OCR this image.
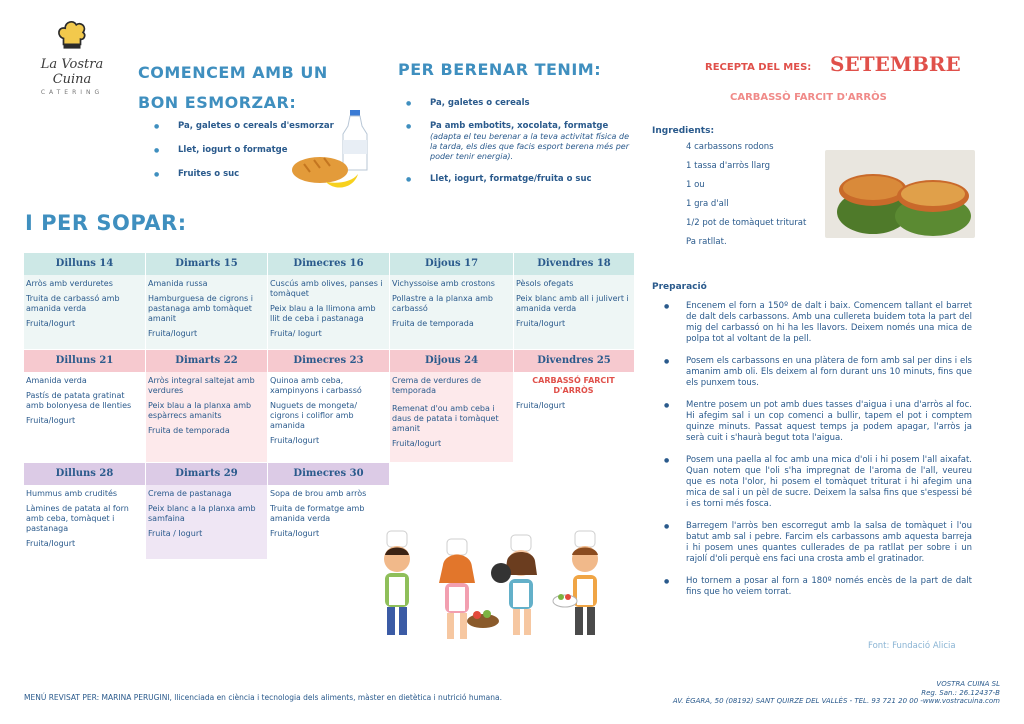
La Vostra Cuina
CATERING
COMENCEM AMB UN BON ESMORZAR:
● Pa, galetes o cereals d'esmorzar
● Llet, iogurt o formatge
● Fruites o suc
PER BERENAR TENIM:
● Pa, galetes o cereals
● Pa amb embotits, xocolata, formatge
(adapta el teu berenar a la teva activitat física de la tarda, els dies que facis esport berena més per poder tenir energia).
● Llet, iogurt, formatge/fruita o suc
I PER SOPAR:
Dilluns 14

Arròs amb verduretes

Truita de carbassó amb amanida verda

Fruita/Iogurt

Dimarts 15

Amanida russa

Hamburguesa de cigrons i pastanaga amb tomàquet amanit

Fruita/Iogurt

Dimecres 16

Cuscús amb olives, panses i tomàquet

Peix blau a la llimona amb llit de ceba i pastanaga

Fruita/ Iogurt

Dijous 17

Vichyssoise amb crostons

Pollastre a la planxa amb carbassó

Fruita de temporada

Divendres 18

Pèsols ofegats

Peix blanc amb all i julivert i amanida verda

Fruita/Iogurt

Dilluns 21

Amanida verda

Pastís de patata gratinat amb bolonyesa de llenties

Fruita/Iogurt

Dimarts 22

Arròs integral saltejat amb verdures

Peix blau a la planxa amb espàrrecs amanits

Fruita de temporada

Dimecres 23

Quinoa amb ceba, xampinyons i carbassó

Nuguets de mongeta/ cigrons i coliflor amb amanida

Fruita/Iogurt

Dijous 24

Crema de verdures de temporada

Remenat d'ou amb ceba i daus de patata i tomàquet amanit

Fruita/Iogurt

Divendres 25

CARBASSÓ FARCIT D'ARRÒS

Fruita/Iogurt

Dilluns 28

Hummus amb crudités

Làmines de patata al forn amb ceba, tomàquet i pastanaga

Fruita/Iogurt

Dimarts 29

Crema de pastanaga

Peix blanc a la planxa amb samfaina

Fruita / Iogurt

Dimecres 30

Sopa de brou amb arròs

Truita de formatge amb amanida verda

Fruita/Iogurt

RECEPTA DEL MES: SETEMBRE
CARBASSÒ FARCIT D'ARRÒS
Ingredients:

4 carbassons rodons

1 tassa d'arròs llarg

1 ou

1 gra d'all

1/2 pot de tomàquet triturat

Pa ratllat.

Preparació
● Encenem el forn a 150º de dalt i baix. Comencem tallant el barret de dalt dels carbassons. Amb una cullereta buidem tota la part del mig del carbassó on hi ha les llavors. Deixem només una mica de polpa tot al voltant de la pell.
● Posem els carbassons en una plàtera de forn amb sal per dins i els amanim amb oli. Els deixem al forn durant uns 10 minuts, fins que els punxem tous.
● Mentre posem un pot amb dues tasses d'aigua i una d'arròs al foc. Hi afegim sal i un cop comenci a bullir, tapem el pot i comptem quinze minuts. Passat aquest temps ja podem apagar, l'arròs ja serà cuit i s'haurà begut tota l'aigua.
● Posem una paella al foc amb una mica d'oli i hi posem l'all aixafat. Quan notem que l'oli s'ha impregnat de l'aroma de l'all, veureu que es nota l'olor, hi posem el tomàquet triturat i hi afegim una mica de sal i un pèl de sucre. Deixem la salsa fins que s'espessi bé i es torni més fosca.
● Barregem l'arròs ben escorregut amb la salsa de tomàquet i l'ou batut amb sal i pebre. Farcim els carbassons amb aquesta barreja i hi posem unes quantes cullerades de pa ratllat per sobre i un rajolí d'oli perquè ens faci una crosta amb el gratinador.
● Ho tornem a posar al forn a 180º només encès de la part de dalt fins que ho veiem torrat.
Font: Fundació Alicia
MENÚ REVISAT PER: MARINA PERUGINI, llicenciada en ciència i tecnologia dels aliments, màster en dietètica i nutrició humana.
VOSTRA CUINA SL
Reg. San.: 26.12437-B
AV. ÈGARA, 50 (08192) SANT QUIRZE DEL VALLÈS - TEL. 93 721 20 00 -www.vostracuina.com
